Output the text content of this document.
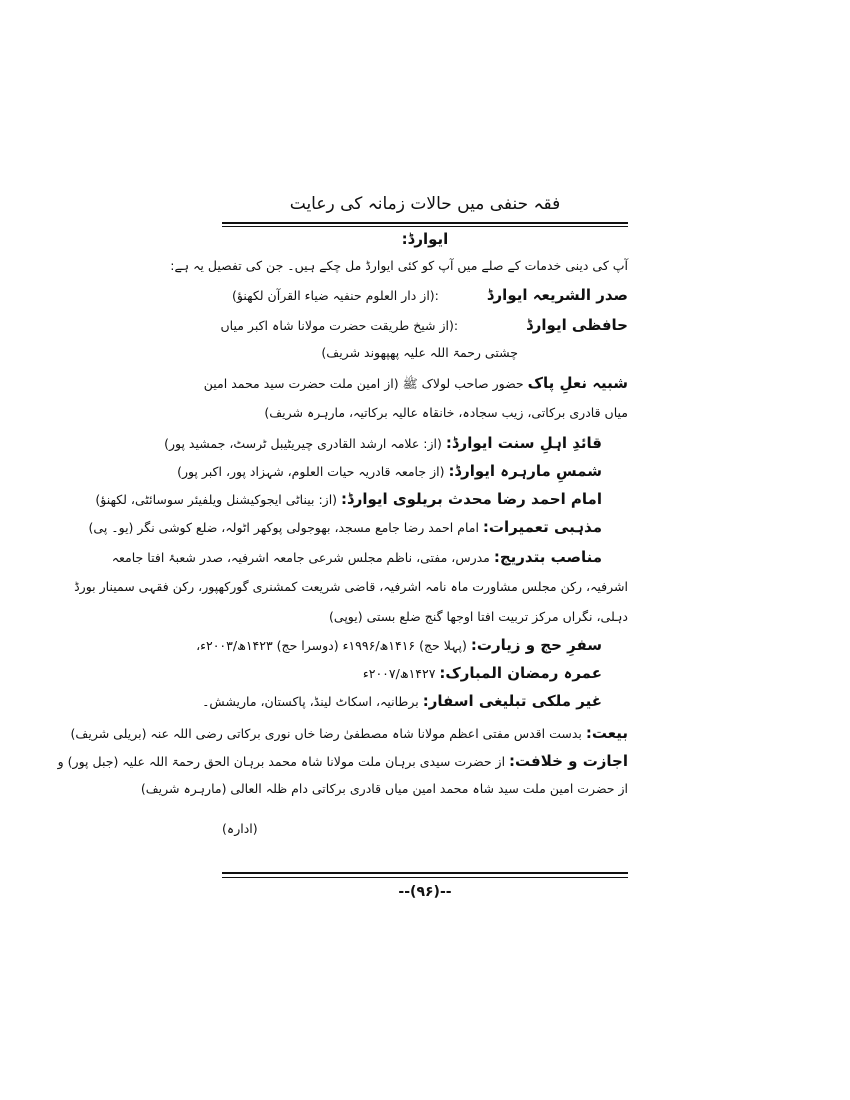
فقہ حنفی میں حالات زمانہ کی رعایت
ایوارڈ:
آپ کی دینی خدمات کے صلے میں آپ کو کئی ایوارڈ مل چکے ہیں۔ جن کی تفصیل یہ ہے:
صدر الشریعہ ایوارڈ  :(از دار العلوم حنفیہ ضیاء القرآن لکھنؤ)
حافظی ایوارڈ  :(از شیخ طریقت حضرت مولانا شاہ اکبر میاں
چشتی رحمۃ اللہ علیہ پھپھوند شریف)
شبیہ نعلِ پاک حضور صاحب لولاک ﷺ (از امین ملت حضرت سید محمد امین
میاں قادری برکاتی، زیب سجادہ، خانقاہ عالیہ برکاتیہ، مارہرہ شریف)
قائدِ اہلِ سنت ایوارڈ: (از: علامہ ارشد القادری چیریٹیبل ٹرسٹ، جمشید پور)
شمسِ مارہرہ ایوارڈ: (از جامعہ قادریہ حیات العلوم، شہزاد پور، اکبر پور)
امام احمد رضا محدث بریلوی ایوارڈ: (از: بیناٹی ایجوکیشنل ویلفیئر سوسائٹی، لکھنؤ)
مذہبی تعمیرات: امام احمد رضا جامع مسجد، بھوجولی پوکھر اٹولہ، ضلع کوشی نگر (یو۔ پی)
مناصب بتدریج: مدرس، مفتی، ناظم مجلس شرعی جامعہ اشرفیہ، صدر شعبۂ افتا جامعہ
اشرفیہ، رکن مجلس مشاورت ماہ نامہ اشرفیہ، قاضی شریعت کمشنری گورکھپور، رکن فقہی سمینار بورڈ
دہلی، نگراں مرکز تربیت افتا اوجھا گنج ضلع بستی (یوپی)
سفرِ حج و زیارت: (پہلا حج) ۱۴۱۶ھ/۱۹۹۶ء (دوسرا حج) ۱۴۲۳ھ/۲۰۰۳ء،
عمرہ رمضان المبارک: ۱۴۲۷ھ/۲۰۰۷ء
غیر ملکی تبلیغی اسفار: برطانیہ، اسکاٹ لینڈ، پاکستان، ماریشش۔
بیعت: بدست اقدس مفتی اعظم مولانا شاہ مصطفیٰ رضا خاں نوری برکاتی رضی اللہ عنہ (بریلی شریف)
اجازت و خلافت: از حضرت سیدی برہان ملت مولانا شاہ محمد برہان الحق رحمۃ اللہ علیہ (جبل پور) و
از حضرت امین ملت سید شاہ محمد امین میاں قادری برکاتی دام ظلہ العالی (مارہرہ شریف)
(ادارہ)
--(۹۶)--
